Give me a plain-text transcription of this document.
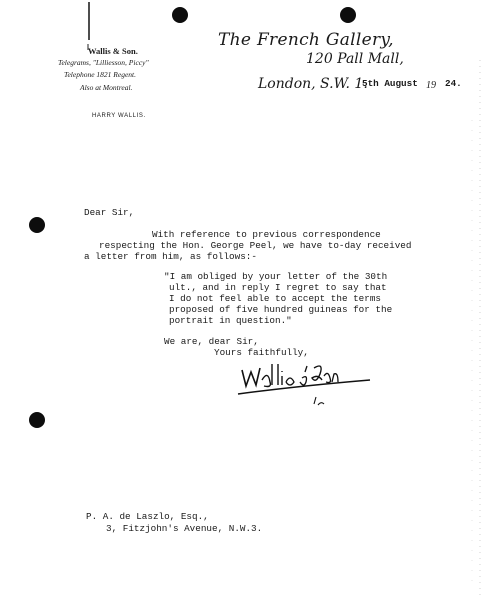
Wallis & Son.
Telegrams, "Lilliesson, Piccy"
Telephone 1821 Regent.
Also at Montreal.
HARRY WALLIS.
The French Gallery,
120 Pall Mall,
London, S.W. 1.
5th August 19 24.
Dear Sir,
With reference to previous correspondence
respecting the Hon. George Peel, we have to-day received
a letter from him, as follows:-
"I am obliged by your letter of the 30th
ult., and in reply I regret to say that
I do not feel able to accept the terms
proposed of five hundred guineas for the
portrait in question."
We are, dear Sir,
Yours faithfully,
P. A. de Laszlo, Esq.,
3, Fitzjohn's Avenue, N.W.3.
